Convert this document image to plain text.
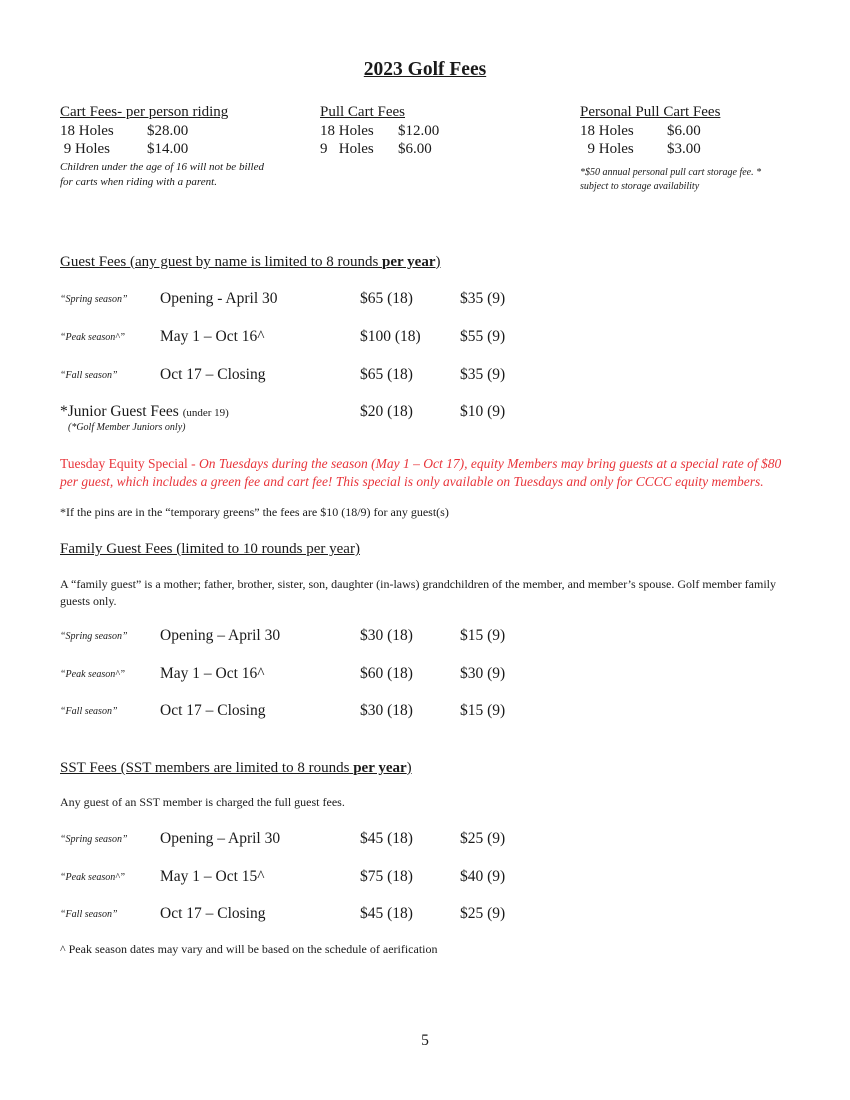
2023 Golf Fees
Cart Fees- per person riding
18 Holes $28.00
9 Holes $14.00
Children under the age of 16 will not be billed for carts when riding with a parent.
Pull Cart Fees
18 Holes $12.00
9   Holes $6.00
Personal Pull Cart Fees
18 Holes $6.00
9 Holes $3.00
*$50 annual personal pull cart storage fee. * subject to storage availability
Guest Fees (any guest by name is limited to 8 rounds per year)
“Spring season” Opening - April 30	$65 (18)	$35 (9)
“Peak season^” May 1 – Oct 16^	$100 (18)	$55 (9)
“Fall season”	Oct 17 – Closing	$65 (18)	$35 (9)
*Junior Guest Fees (under 19)	$20 (18)	$10 (9)
(*Golf Member Juniors only)
Tuesday Equity Special - On Tuesdays during the season (May 1 – Oct 17), equity Members may bring guests at a special rate of $80 per guest, which includes a green fee and cart fee! This special is only available on Tuesdays and only for CCCC equity members.
*If the pins are in the “temporary greens” the fees are $10 (18/9) for any guest(s)
Family Guest Fees (limited to 10 rounds per year)
A “family guest” is a mother; father, brother, sister, son, daughter (in-laws) grandchildren of the member, and member’s spouse. Golf member family guests only.
“Spring season” Opening – April 30	$30 (18)	$15 (9)
“Peak season^” May 1 – Oct 16^	$60 (18)	$30 (9)
“Fall season”	Oct 17 – Closing	$30 (18)	$15 (9)
SST Fees (SST members are limited to 8 rounds per year)
Any guest of an SST member is charged the full guest fees.
“Spring season” Opening – April 30	$45 (18)	$25 (9)
“Peak season^” May 1 – Oct 15^	$75 (18)	$40 (9)
“Fall season”	Oct 17 – Closing	$45 (18)	$25 (9)
^ Peak season dates may vary and will be based on the schedule of aerification
5
